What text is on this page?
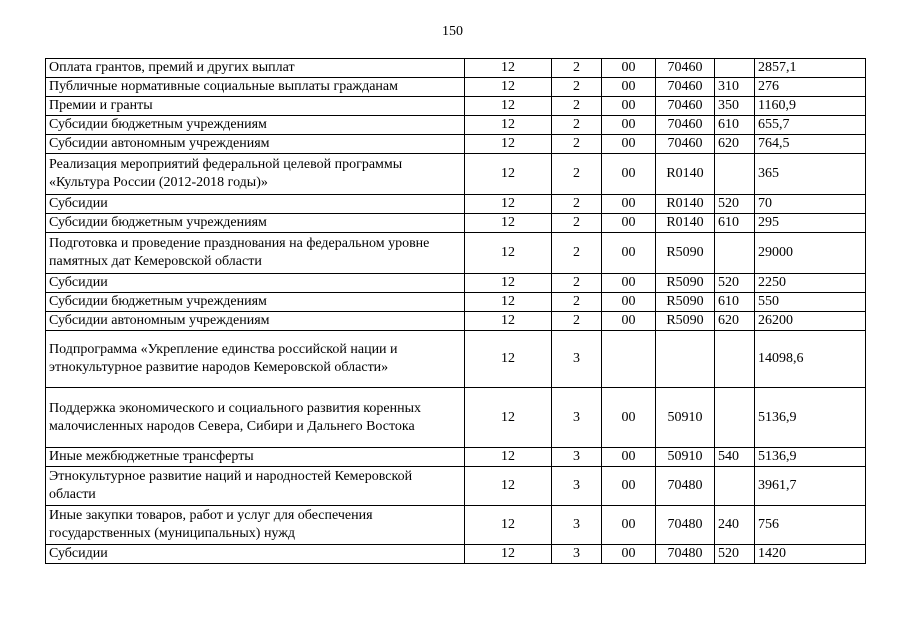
150
Оплата грантов, премий и других выплат	12	2	00	70460		2857,1
Публичные нормативные социальные выплаты гражданам	12	2	00	70460	310	276
Премии и гранты	12	2	00	70460	350	1160,9
Субсидии бюджетным учреждениям	12	2	00	70460	610	655,7
Субсидии автономным учреждениям	12	2	00	70460	620	764,5
Реализация мероприятий федеральной целевой программы «Культура России (2012-2018 годы)»	12	2	00	R0140		365
Субсидии	12	2	00	R0140	520	70
Субсидии бюджетным учреждениям	12	2	00	R0140	610	295
Подготовка и проведение празднования на федеральном уровне памятных дат Кемеровской области	12	2	00	R5090		29000
Субсидии	12	2	00	R5090	520	2250
Субсидии бюджетным учреждениям	12	2	00	R5090	610	550
Субсидии автономным учреждениям	12	2	00	R5090	620	26200
Подпрограмма «Укрепление единства российской нации и этнокультурное развитие народов Кемеровской области»	12	3				14098,6
Поддержка экономического и социального развития коренных малочисленных народов Севера, Сибири и Дальнего Востока	12	3	00	50910		5136,9
Иные межбюджетные трансферты	12	3	00	50910	540	5136,9
Этнокультурное развитие наций и народностей Кемеровской области	12	3	00	70480		3961,7
Иные закупки товаров, работ и услуг для обеспечения государственных (муниципальных) нужд	12	3	00	70480	240	756
Субсидии	12	3	00	70480	520	1420
